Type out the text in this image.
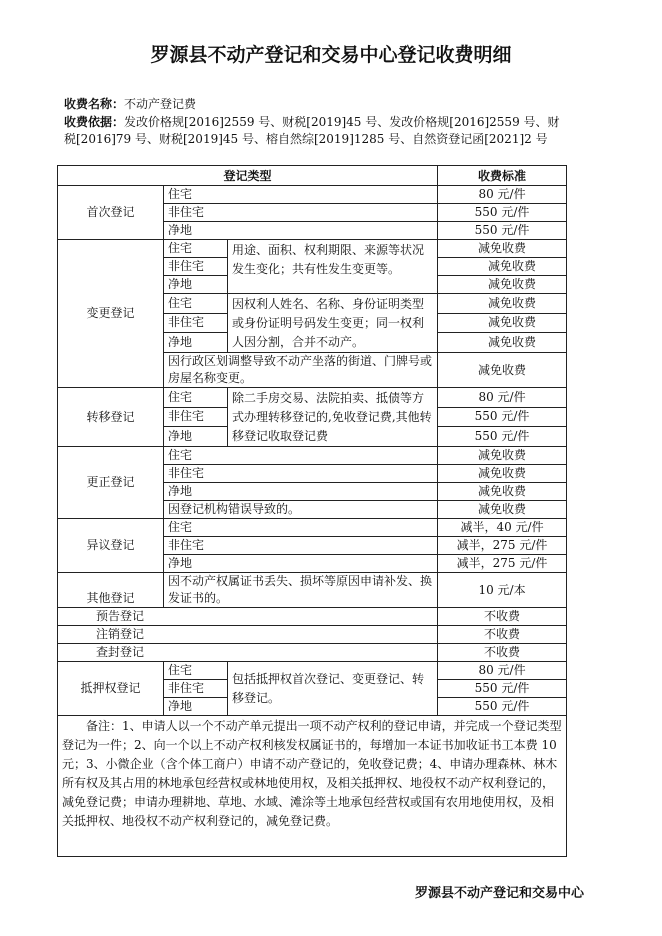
罗源县不动产登记和交易中心登记收费明细
收费名称：不动产登记费
收费依据：发改价格规[2016]2559 号、财税[2019]45 号、发改价格规[2016]2559 号、财税[2016]79 号、财税[2019]45 号、榕自然综[2019]1285 号、自然资登记函[2021]2 号
登记类型			收费标准
首次登记	住宅		80 元/件
	非住宅		550 元/件
	净地		550 元/件
变更登记	住宅	用途、面积、权利期限、来源等状况发生变化；共有性发生变更等。	减免收费
	非住宅		减免收费
	净地		减免收费
	住宅	因权利人姓名、名称、身份证明类型或身份证明号码发生变更；同一权利人因分割，合并不动产。	减免收费
	非住宅		减免收费
	净地		减免收费
	因行政区划调整导致不动产坐落的街道、门牌号或房屋名称变更。		减免收费
转移登记	住宅	除二手房交易、法院拍卖、抵债等方式办理转移登记的,免收登记费,其他转移登记收取登记费	80 元/件
	非住宅		550 元/件
	净地		550 元/件
更正登记	住宅		减免收费
	非住宅		减免收费
	净地		减免收费
	因登记机构错误导致的。		减免收费
异议登记	住宅		减半，40 元/件
	非住宅		减半，275 元/件
	净地		减半，275 元/件
其他登记	因不动产权属证书丢失、损坏等原因申请补发、换发证书的。		10 元/本
预告登记			不收费
注销登记			不收费
查封登记			不收费
抵押权登记	住宅	包括抵押权首次登记、变更登记、转移登记。	80 元/件
	非住宅		550 元/件
	净地		550 元/件
备注：1、申请人以一个不动产单元提出一项不动产权利的登记申请，并完成一个登记类型登记为一件；2、向一个以上不动产权利核发权属证书的，每增加一本证书加收证书工本费 10 元；3、小微企业（含个体工商户）申请不动产登记的，免收登记费；4、申请办理森林、林木所有权及其占用的林地承包经营权或林地使用权，及相关抵押权、地役权不动产权利登记的，减免登记费；申请办理耕地、草地、水域、滩涂等土地承包经营权或国有农用地使用权，及相关抵押权、地役权不动产权利登记的，减免登记费。			
罗源县不动产登记和交易中心
